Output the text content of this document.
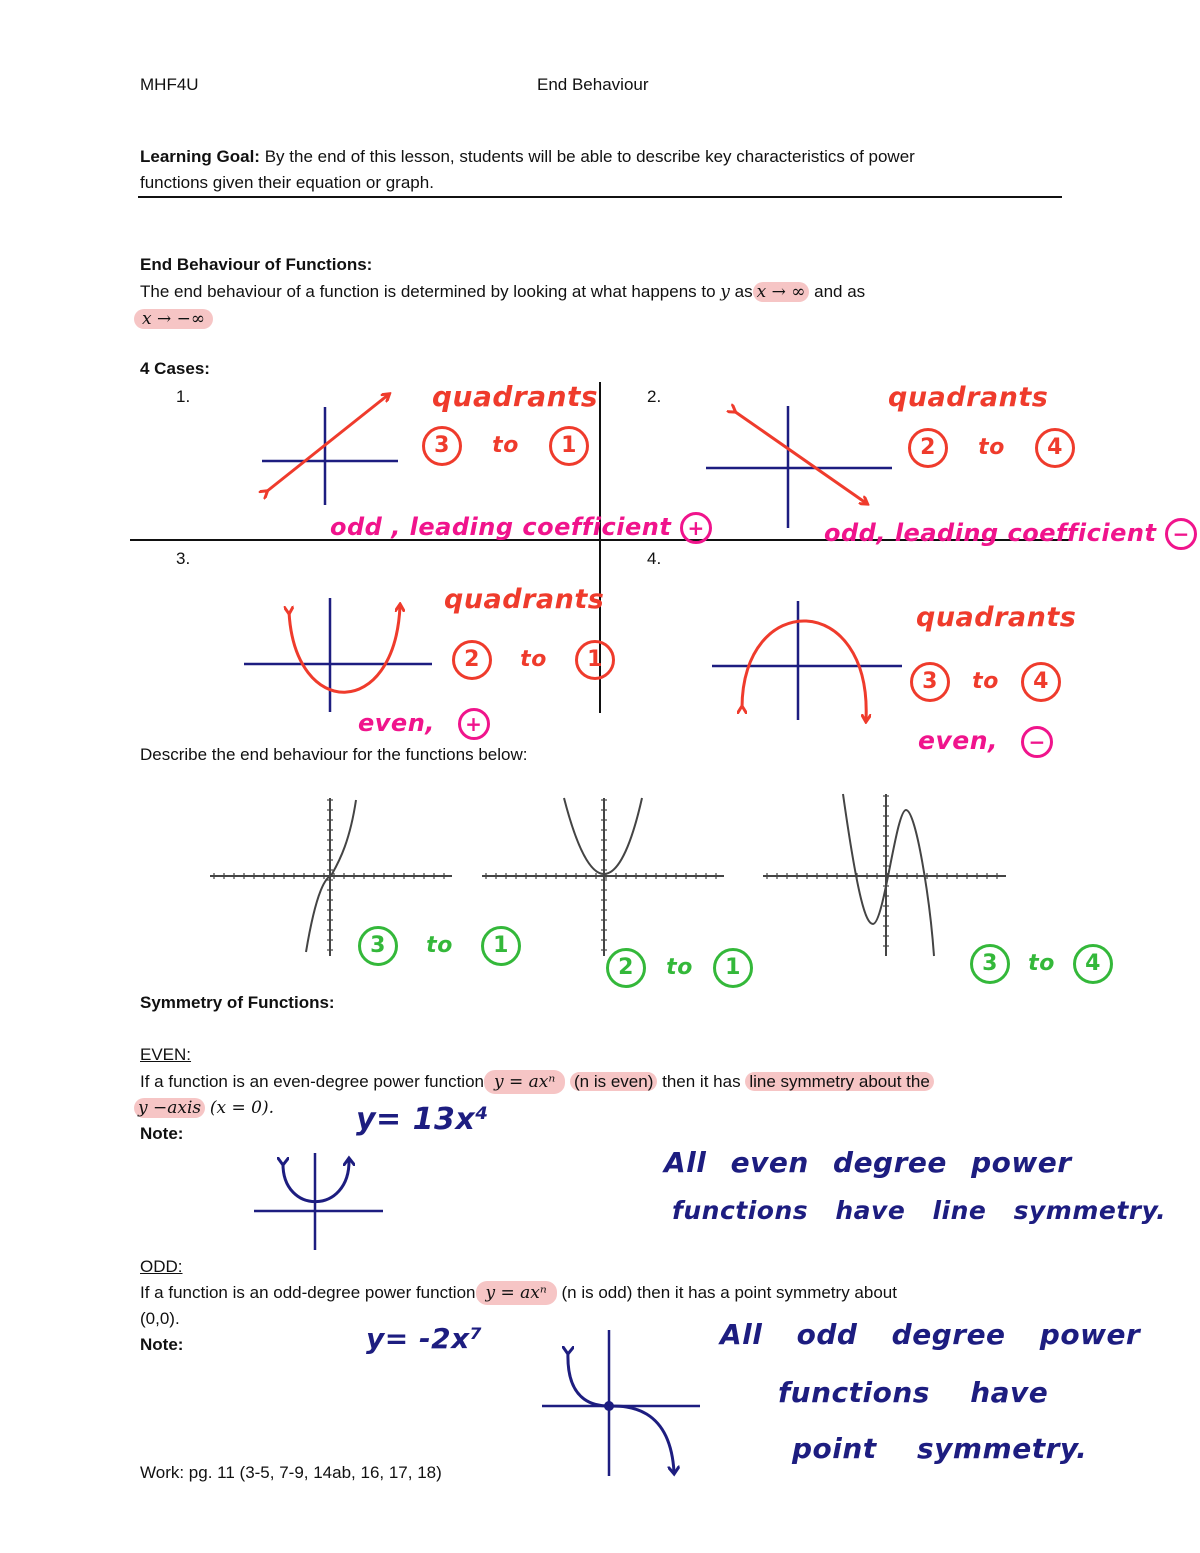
MHF4U	End Behaviour
Learning Goal: By the end of this lesson, students will be able to describe key characteristics of power
functions given their equation or graph.
End Behaviour of Functions:
The end behaviour of a function is determined by looking at what happens to y as x → ∞ and as
x → −∞
4 Cases:
1.	2.
3.	4.
quadrants
3 to 1
odd , leading coefficient +
quadrants
2 to 4
odd, leading coefficient −
quadrants
2 to 1
even, +
quadrants
3 to 4
even, −
Describe the end behaviour for the functions below:
3 to 1
2 to 1	3 to 4
Symmetry of Functions:
EVEN:
If a function is an even-degree power function y = axⁿ (n is even) then it has line symmetry about the
y −axis (x = 0).
Note:	y= 13x⁴
All even degree power
functions have line symmetry.
ODD:
If a function is an odd-degree power function y = axⁿ (n is odd) then it has a point symmetry about
(0,0).
Note:	y= -2x⁷	All odd degree power
functions have
point symmetry.
Work: pg. 11 (3-5, 7-9, 14ab, 16, 17, 18)
